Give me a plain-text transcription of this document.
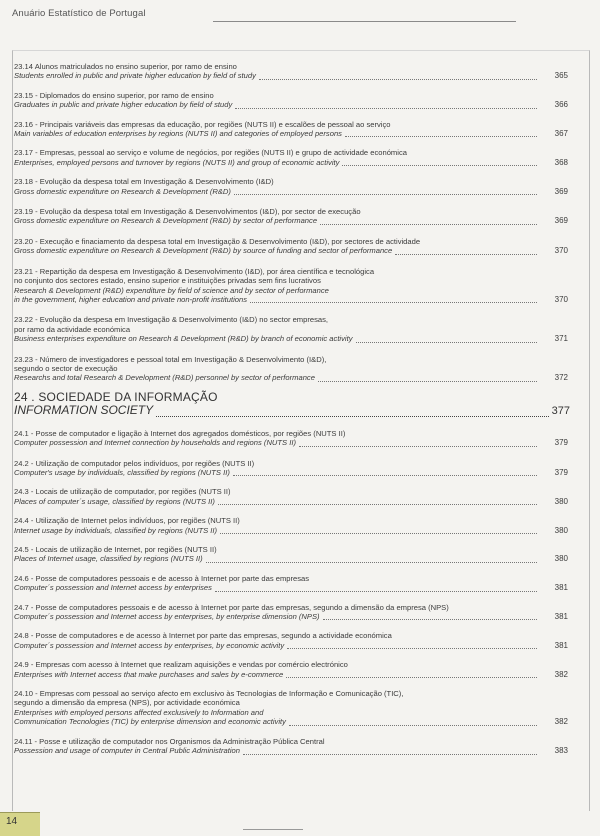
Anuário Estatístico de Portugal
23.14 Alunos matriculados no ensino superior, por ramo de ensino
Students enrolled in public and private higher education by field of study	365
23.15 - Diplomados do ensino superior, por ramo de ensino
Graduates in public and private higher education by field of study	366
23.16 - Principais variáveis das empresas da educação, por regiões (NUTS II) e escalões de pessoal ao serviço
Main variables of education enterprises by regions (NUTS II) and categories of employed persons	367
23.17 - Empresas, pessoal ao serviço e volume de negócios, por regiões (NUTS II) e grupo de actividade económica
Enterprises, employed persons and turnover by regions (NUTS II) and group of economic activity	368
23.18 - Evolução da despesa total em Investigação & Desenvolvimento (I&D)
Gross domestic expenditure on Research & Development (R&D)	369
23.19 - Evolução da despesa total em Investigação & Desenvolvimentos (I&D), por sector de execução
Gross domestic expenditure on Research & Development (R&D) by sector of performance	369
23.20 - Execução e finaciamento da despesa total em Investigação & Desenvolvimento (I&D), por sectores de actividade
Gross domestic expenditure on Research & Development (R&D) by source of funding and sector of performance	370
23.21 - Repartição da despesa em Investigação & Desenvolvimento (I&D), por área científica e tecnológica
no conjunto dos sectores estado, ensino superior e instituições privadas sem fins lucrativos
Research & Development (R&D) expenditure by field of science and by sector of performance
in the government, higher education and private non-profit institutions	370
23.22 - Evolução da despesa em Investigação & Desenvolvimento (I&D) no sector empresas,
por ramo da actividade económica
Business enterprises expenditure on Research & Development (R&D) by branch of economic activity	371
23.23 - Número de investigadores e pessoal total em Investigação & Desenvolvimento (I&D),
segundo o sector de execução
Researchs and total Research & Development (R&D) personnel by sector of performance	372
24 . SOCIEDADE DA INFORMAÇÃO
INFORMATION SOCIETY	377
24.1 - Posse de computador e ligação à Internet dos agregados domésticos, por regiões (NUTS II)
Computer possession and Internet connection by households and regions (NUTS II)	379
24.2 - Utilização de computador pelos indivíduos, por regiões (NUTS II)
Computer's usage by individuals, classified by regions (NUTS II)	379
24.3 - Locais de utilização de computador, por regiões (NUTS II)
Places of computer´s usage, classified by regions (NUTS II)	380
24.4 - Utilização de Internet pelos indivíduos, por regiões (NUTS II)
Internet usage by individuals, classified by regions (NUTS II)	380
24.5 - Locais de utilização de Internet, por regiões (NUTS II)
Places of Internet usage, classified by regions (NUTS II)	380
24.6 - Posse de computadores pessoais e de acesso à Internet por parte das empresas
Computer´s possession and Internet access by enterprises	381
24.7 - Posse de computadores pessoais e de acesso à Internet por parte das empresas, segundo a dimensão da empresa (NPS)
Computer´s possession and Internet access by enterprises, by enterprise dimension (NPS)	381
24.8 - Posse de computadores e de acesso à Internet por parte das empresas, segundo a actividade económica
Computer´s possession and Internet access by enterprises, by economic activity	381
24.9 - Empresas com acesso à Internet que realizam aquisições e vendas por comércio electrónico
Enterprises with Internet access that make purchases and sales by e-commerce	382
24.10 - Empresas com pessoal ao serviço afecto em exclusivo às Tecnologias de Informação e Comunicação (TIC),
segundo a dimensão da empresa (NPS), por actividade económica
Enterprises with employed persons affected exclusively to Information and
Communication Tecnologies (TIC) by enterprise dimension and economic activity	382
24.11 - Posse e utilização de computador nos Organismos da Administração Pública Central
Possession and usage of computer in Central Public Administration	383
14
